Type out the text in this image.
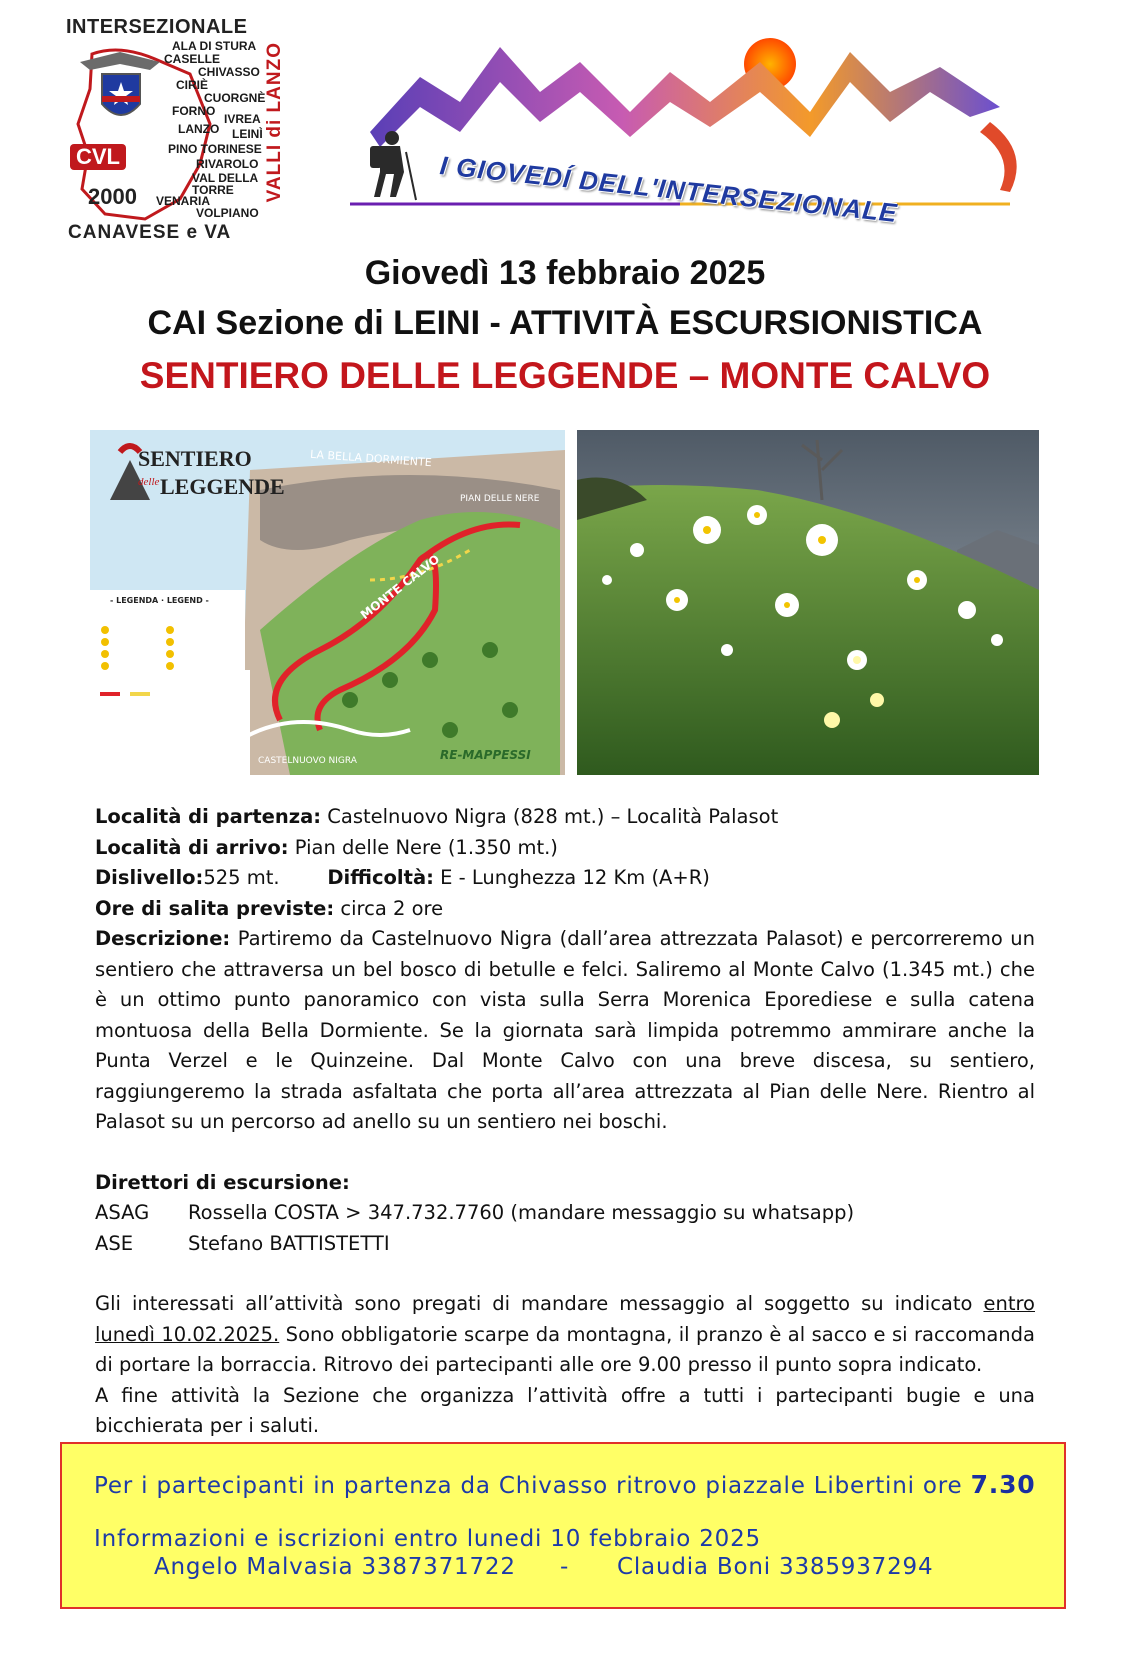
INTERSEZIONALE
ALA DI STURA
CASELLE
CHIVASSO
CIRIÈ
CUORGNÈ
FORNO
IVREA
LANZO LEINÌ
PINO TORINESE
RIVAROLO
VAL DELLA TORRE
VENARIA
VOLPIANO
CVL
2000
CANAVESE e VA
VALLI di LANZO	I GIOVEDÍ DELL'INTERSEZIONALE
Giovedì 13 febbraio 2025
CAI Sezione di LEINI - ATTIVITÀ ESCURSIONISTICA
SENTIERO DELLE LEGGENDE – MONTE CALVO
SENTIERO
delle LEGGENDE
LA BELLA DORMIENTE
MONTE CALVO
PIAN DELLE NERE
CASTELNUOVO NIGRA
- LEGENDA · LEGEND -
RE-MAPPESSI
Località di partenza: Castelnuovo Nigra (828 mt.) – Località Palasot
Località di arrivo: Pian delle Nere (1.350 mt.)
Dislivello:525 mt. Difficoltà: E - Lunghezza 12 Km (A+R)
Ore di salita previste: circa 2 ore
Descrizione: Partiremo da Castelnuovo Nigra (dall’area attrezzata Palasot) e percorreremo un sentiero che attraversa un bel bosco di betulle e felci. Saliremo al Monte Calvo (1.345 mt.) che è un ottimo punto panoramico con vista sulla Serra Morenica Eporediese e sulla catena montuosa della Bella Dormiente. Se la giornata sarà limpida potremmo ammirare anche la Punta Verzel e le Quinzeine. Dal Monte Calvo con una breve discesa, su sentiero, raggiungeremo la strada asfaltata che porta all’area attrezzata al Pian delle Nere. Rientro al Palasot su un percorso ad anello su un sentiero nei boschi.
Direttori di escursione:
ASAG Rossella COSTA > 347.732.7760 (mandare messaggio su whatsapp)
ASE	Stefano BATTISTETTI
Gli interessati all’attività sono pregati di mandare messaggio al soggetto su indicato entro lunedì 10.02.2025. Sono obbligatorie scarpe da montagna, il pranzo è al sacco e si raccomanda di portare la borraccia. Ritrovo dei partecipanti alle ore 9.00 presso il punto sopra indicato.
A fine attività la Sezione che organizza l’attività offre a tutti i partecipanti bugie e una bicchierata per i saluti.
Per i partecipanti in partenza da Chivasso ritrovo piazzale Libertini ore 7.30
Informazioni e iscrizioni entro lunedi 10 febbraio 2025
Angelo Malvasia 3387371722 - Claudia Boni 3385937294
